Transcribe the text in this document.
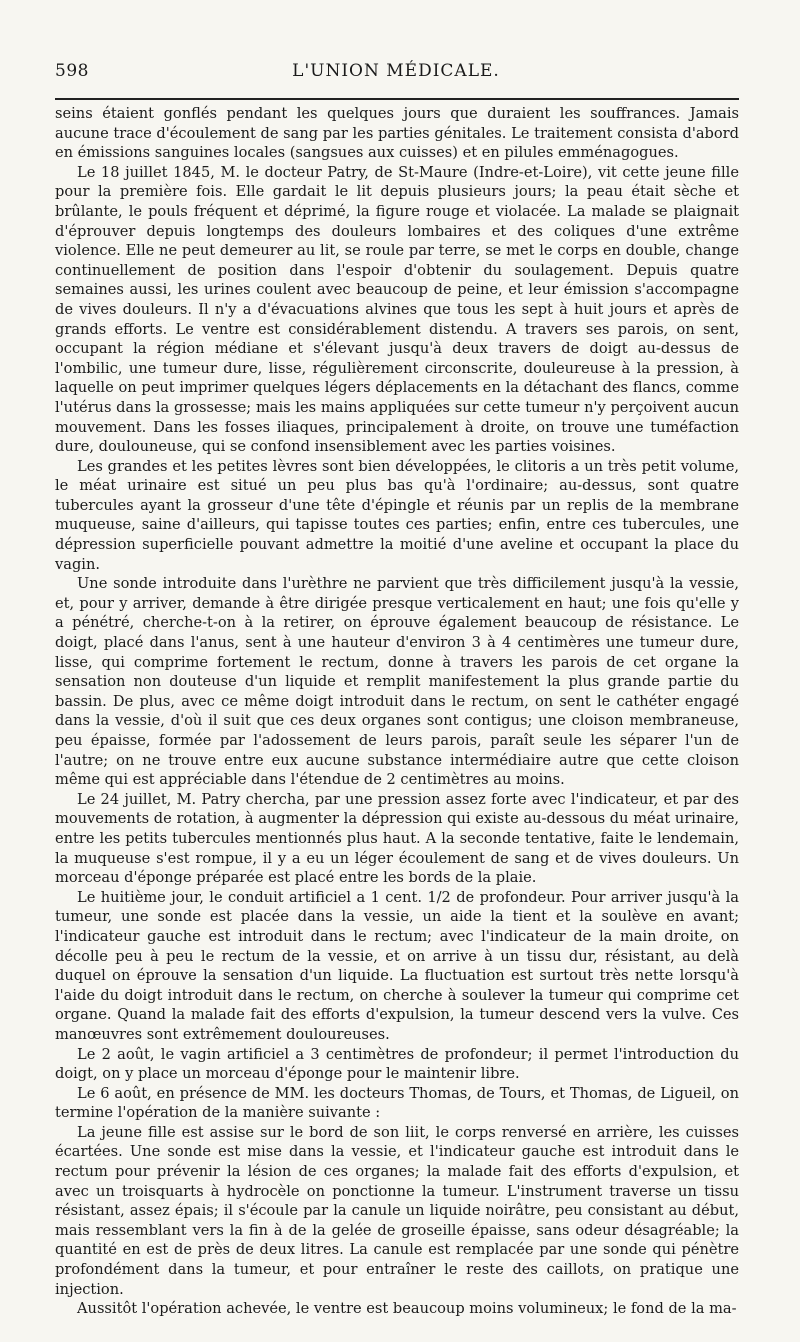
598	L'UNION MÉDICALE.

seins étaient gonflés pendant les quelques jours que duraient les souffrances. Jamais aucune trace d'écoulement de sang par les parties génitales. Le traitement consista d'abord en émissions sanguines locales (sangsues aux cuisses) et en pilules emménagogues.

Le 18 juillet 1845, M. le docteur Patry, de St-Maure (Indre-et-Loire), vit cette jeune fille pour la première fois. Elle gardait le lit depuis plusieurs jours; la peau était sèche et brûlante, le pouls fréquent et déprimé, la figure rouge et violacée. La malade se plaignait d'éprouver depuis longtemps des douleurs lombaires et des coliques d'une extrême violence. Elle ne peut demeurer au lit, se roule par terre, se met le corps en double, change continuellement de position dans l'espoir d'obtenir du soulagement. Depuis quatre semaines aussi, les urines coulent avec beaucoup de peine, et leur émission s'accompagne de vives douleurs. Il n'y a d'évacuations alvines que tous les sept à huit jours et après de grands efforts. Le ventre est considérablement distendu. A travers ses parois, on sent, occupant la région médiane et s'élevant jusqu'à deux travers de doigt au-dessus de l'ombilic, une tumeur dure, lisse, régulièrement circonscrite, douleureuse à la pression, à laquelle on peut imprimer quelques légers déplacements en la détachant des flancs, comme l'utérus dans la grossesse; mais les mains appliquées sur cette tumeur n'y perçoivent aucun mouvement. Dans les fosses iliaques, principalement à droite, on trouve une tuméfaction dure, doulouneuse, qui se confond insensiblement avec les parties voisines.

Les grandes et les petites lèvres sont bien développées, le clitoris a un très petit volume, le méat urinaire est situé un peu plus bas qu'à l'ordinaire; au-dessus, sont quatre tubercules ayant la grosseur d'une tête d'épingle et réunis par un replis de la membrane muqueuse, saine d'ailleurs, qui tapisse toutes ces parties; enfin, entre ces tubercules, une dépression superficielle pouvant admettre la moitié d'une aveline et occupant la place du vagin.

Une sonde introduite dans l'urèthre ne parvient que très difficilement jusqu'à la vessie, et, pour y arriver, demande à être dirigée presque verticalement en haut; une fois qu'elle y a pénétré, cherche-t-on à la retirer, on éprouve également beaucoup de résistance. Le doigt, placé dans l'anus, sent à une hauteur d'environ 3 à 4 centimères une tumeur dure, lisse, qui comprime fortement le rectum, donne à travers les parois de cet organe la sensation non douteuse d'un liquide et remplit manifestement la plus grande partie du bassin. De plus, avec ce même doigt introduit dans le rectum, on sent le cathéter engagé dans la vessie, d'où il suit que ces deux organes sont contigus; une cloison membraneuse, peu épaisse, formée par l'adossement de leurs parois, paraît seule les séparer l'un de l'autre; on ne trouve entre eux aucune substance intermédiaire autre que cette cloison même qui est appréciable dans l'étendue de 2 centimètres au moins.

Le 24 juillet, M. Patry chercha, par une pression assez forte avec l'indicateur, et par des mouvements de rotation, à augmenter la dépression qui existe au-dessous du méat urinaire, entre les petits tubercules mentionnés plus haut. A la seconde tentative, faite le lendemain, la muqueuse s'est rompue, il y a eu un léger écoulement de sang et de vives douleurs. Un morceau d'éponge préparée est placé entre les bords de la plaie.

Le huitième jour, le conduit artificiel a 1 cent. 1/2 de profondeur. Pour arriver jusqu'à la tumeur, une sonde est placée dans la vessie, un aide la tient et la soulève en avant; l'indicateur gauche est introduit dans le rectum; avec l'indicateur de la main droite, on décolle peu à peu le rectum de la vessie, et on arrive à un tissu dur, résistant, au delà duquel on éprouve la sensation d'un liquide. La fluctuation est surtout très nette lorsqu'à l'aide du doigt introduit dans le rectum, on cherche à soulever la tumeur qui comprime cet organe. Quand la malade fait des efforts d'expulsion, la tumeur descend vers la vulve. Ces manœuvres sont extrêmement douloureuses.

Le 2 août, le vagin artificiel a 3 centimètres de profondeur; il permet l'introduction du doigt, on y place un morceau d'éponge pour le maintenir libre.

Le 6 août, en présence de MM. les docteurs Thomas, de Tours, et Thomas, de Ligueil, on termine l'opération de la manière suivante :

La jeune fille est assise sur le bord de son liit, le corps renversé en arrière, les cuisses écartées. Une sonde est mise dans la vessie, et l'indicateur gauche est introduit dans le rectum pour prévenir la lésion de ces organes; la malade fait des efforts d'expulsion, et avec un troisquarts à hydrocèle on ponctionne la tumeur. L'instrument traverse un tissu résistant, assez épais; il s'écoule par la canule un liquide noirâtre, peu consistant au début, mais ressemblant vers la fin à de la gelée de groseille épaisse, sans odeur désagréable; la quantité en est de près de deux litres. La canule est remplacée par une sonde qui pénètre profondément dans la tumeur, et pour entraîner le reste des caillots, on pratique une injection.

Aussitôt l'opération achevée, le ventre est beaucoup moins volumineux; le fond de la ma-
